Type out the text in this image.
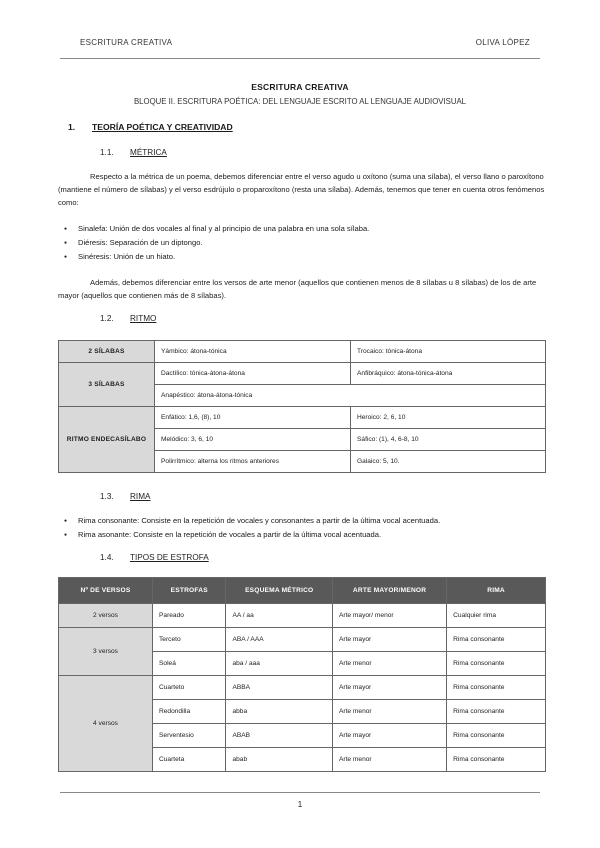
ESCRITURA CREATIVA	OLIVA LÓPEZ
ESCRITURA CREATIVA
BLOQUE II. ESCRITURA POÉTICA: DEL LENGUAJE ESCRITO AL LENGUAJE AUDIOVISUAL
1.	TEORÍA POÉTICA Y CREATIVIDAD
1.1.	MÉTRICA

Respecto a la métrica de un poema, debemos diferenciar entre el verso agudo u oxítono (suma una sílaba), el verso llano o paroxítono (mantiene el número de sílabas) y el verso esdrújulo o proparoxítono (resta una sílaba). Además, tenemos que tener en cuenta otros fenómenos como:

● Sinalefa: Unión de dos vocales al final y al principio de una palabra en una sola sílaba.
● Diéresis: Separación de un diptongo.
● Sinéresis: Unión de un hiato.

Además, debemos diferenciar entre los versos de arte menor (aquellos que contienen menos de 8 sílabas u 8 sílabas) de los de arte mayor (aquellos que contienen más de 8 sílabas).

1.2.	RITMO
2 SÍLABAS	Yámbico: átona-tónica	Trocaico: tónica-átona
3 SÍLABAS	Dactílico: tónica-átona-átona	Anfibráquico: átona-tónica-átona
	Anapéstico: átona-átona-tónica	
RITMO ENDECASÍLABO	Enfático: 1,6, (8), 10	Heroico: 2, 6, 10
	Melódico: 3, 6, 10	Sáfico: (1), 4, 6-8, 10
	Polirrítmico: alterna los ritmos anteriores	Galaico: 5, 10.
1.3.	RIMA
● Rima consonante: Consiste en la repetición de vocales y consonantes a partir de la última vocal acentuada.
● Rima asonante: Consiste en la repetición de vocales a partir de la última vocal acentuada.
1.4.	TIPOS DE ESTROFA
Nº DE VERSOS	ESTROFAS	ESQUEMA MÉTRICO	ARTE MAYOR/MENOR	RIMA
2 versos	Pareado	AA / aa	Arte mayor/ menor	Cualquier rima
3 versos	Terceto	ABA / AAA	Arte mayor	Rima consonante
	Soleá	aba / aaa	Arte menor	Rima consonante
4 versos	Cuarteto	ABBA	Arte mayor	Rima consonante
	Redondilla	abba	Arte menor	Rima consonante
	Serventesio	ABAB	Arte mayor	Rima consonante
	Cuarteta	abab	Arte menor	Rima consonante
1
